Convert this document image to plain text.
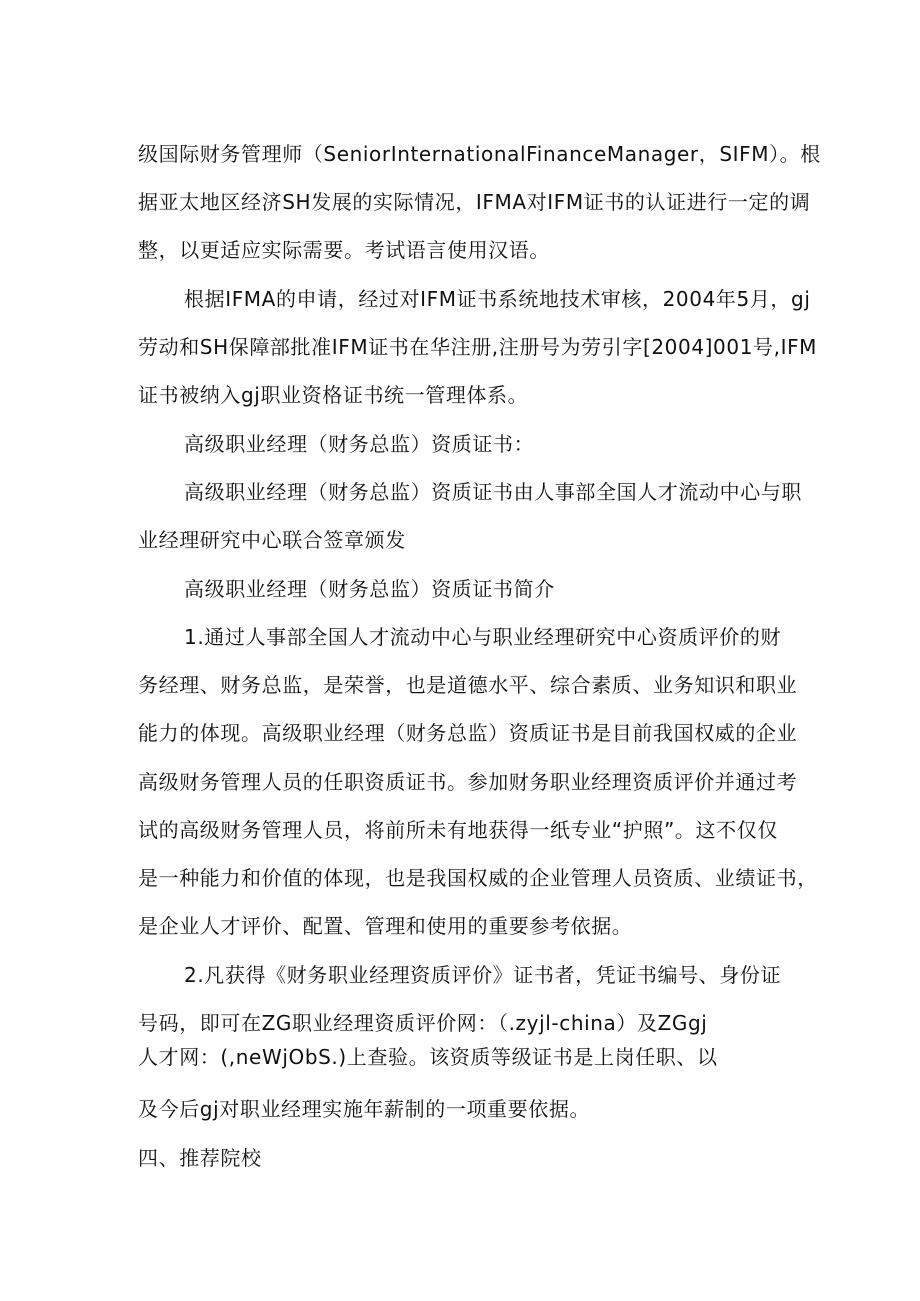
级国际财务管理师（SeniorInternationalFinanceManager，SIFM）。根
据亚太地区经济SH发展的实际情况，IFMA对IFM证书的认证进行一定的调
整，以更适应实际需要。考试语言使用汉语。
根据IFMA的申请，经过对IFM证书系统地技术审核，2004年5月，gj
劳动和SH保障部批准IFM证书在华注册,注册号为劳引字[2004]001号,IFM
证书被纳入gj职业资格证书统一管理体系。
高级职业经理（财务总监）资质证书：
高级职业经理（财务总监）资质证书由人事部全国人才流动中心与职
业经理研究中心联合签章颁发
高级职业经理（财务总监）资质证书简介
1.通过人事部全国人才流动中心与职业经理研究中心资质评价的财
务经理、财务总监，是荣誉，也是道德水平、综合素质、业务知识和职业
能力的体现。高级职业经理（财务总监）资质证书是目前我国权威的企业
高级财务管理人员的任职资质证书。参加财务职业经理资质评价并通过考
试的高级财务管理人员，将前所未有地获得一纸专业“护照”。这不仅仅
是一种能力和价值的体现，也是我国权威的企业管理人员资质、业绩证书，
是企业人才评价、配置、管理和使用的重要参考依据。
2.凡获得《财务职业经理资质评价》证书者，凭证书编号、身份证
号码，即可在ZG职业经理资质评价网：（.zyjl-china）及ZGgj
人才网：(,neWjObS.)上查验。该资质等级证书是上岗任职、以
及今后gj对职业经理实施年薪制的一项重要依据。
四、推荐院校
